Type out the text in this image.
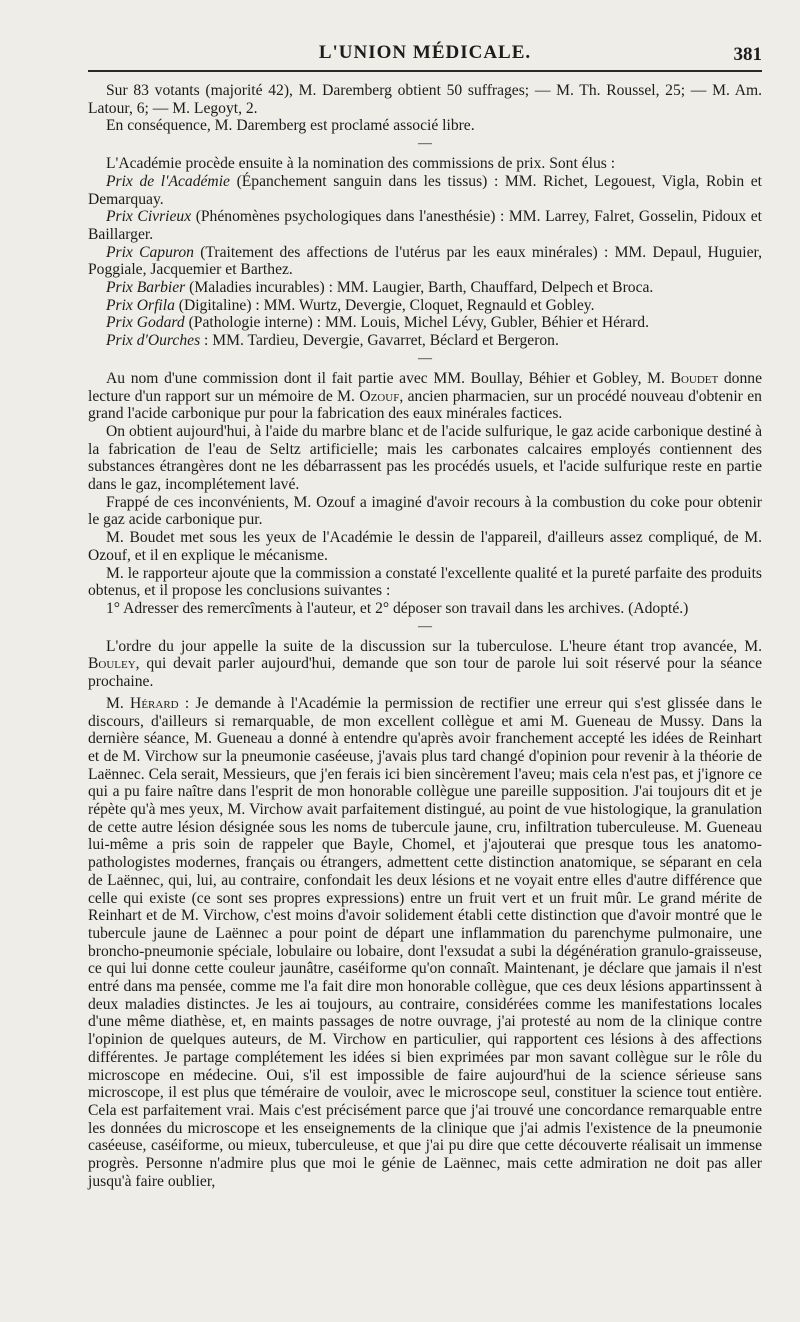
L'UNION MÉDICALE.	381

Sur 83 votants (majorité 42), M. Daremberg obtient 50 suffrages; — M. Th. Roussel, 25; — M. Am. Latour, 6; — M. Legoyt, 2.

En conséquence, M. Daremberg est proclamé associé libre.

—

L'Académie procède ensuite à la nomination des commissions de prix. Sont élus :

Prix de l'Académie (Épanchement sanguin dans les tissus) : MM. Richet, Legouest, Vigla, Robin et Demarquay.

Prix Civrieux (Phénomènes psychologiques dans l'anesthésie) : MM. Larrey, Falret, Gosselin, Pidoux et Baillarger.

Prix Capuron (Traitement des affections de l'utérus par les eaux minérales) : MM. Depaul, Huguier, Poggiale, Jacquemier et Barthez.

Prix Barbier (Maladies incurables) : MM. Laugier, Barth, Chauffard, Delpech et Broca.

Prix Orfila (Digitaline) : MM. Wurtz, Devergie, Cloquet, Regnauld et Gobley.

Prix Godard (Pathologie interne) : MM. Louis, Michel Lévy, Gubler, Béhier et Hérard.

Prix d'Ourches : MM. Tardieu, Devergie, Gavarret, Béclard et Bergeron.

—

Au nom d'une commission dont il fait partie avec MM. Boullay, Béhier et Gobley, M. Boudet donne lecture d'un rapport sur un mémoire de M. Ozouf, ancien pharmacien, sur un procédé nouveau d'obtenir en grand l'acide carbonique pur pour la fabrication des eaux minérales factices.

On obtient aujourd'hui, à l'aide du marbre blanc et de l'acide sulfurique, le gaz acide carbonique destiné à la fabrication de l'eau de Seltz artificielle; mais les carbonates calcaires employés contiennent des substances étrangères dont ne les débarrassent pas les procédés usuels, et l'acide sulfurique reste en partie dans le gaz, incomplétement lavé.

Frappé de ces inconvénients, M. Ozouf a imaginé d'avoir recours à la combustion du coke pour obtenir le gaz acide carbonique pur.

M. Boudet met sous les yeux de l'Académie le dessin de l'appareil, d'ailleurs assez compliqué, de M. Ozouf, et il en explique le mécanisme.

M. le rapporteur ajoute que la commission a constaté l'excellente qualité et la pureté parfaite des produits obtenus, et il propose les conclusions suivantes :

1° Adresser des remercîments à l'auteur, et 2° déposer son travail dans les archives. (Adopté.)

—

L'ordre du jour appelle la suite de la discussion sur la tuberculose. L'heure étant trop avancée, M. Bouley, qui devait parler aujourd'hui, demande que son tour de parole lui soit réservé pour la séance prochaine.

M. Hérard : Je demande à l'Académie la permission de rectifier une erreur qui s'est glissée dans le discours, d'ailleurs si remarquable, de mon excellent collègue et ami M. Gueneau de Mussy. Dans la dernière séance, M. Gueneau a donné à entendre qu'après avoir franchement accepté les idées de Reinhart et de M. Virchow sur la pneumonie caséeuse, j'avais plus tard changé d'opinion pour revenir à la théorie de Laënnec. Cela serait, Messieurs, que j'en ferais ici bien sincèrement l'aveu; mais cela n'est pas, et j'ignore ce qui a pu faire naître dans l'esprit de mon honorable collègue une pareille supposition. J'ai toujours dit et je répète qu'à mes yeux, M. Virchow avait parfaitement distingué, au point de vue histologique, la granulation de cette autre lésion désignée sous les noms de tubercule jaune, cru, infiltration tuberculeuse. M. Gueneau lui-même a pris soin de rappeler que Bayle, Chomel, et j'ajouterai que presque tous les anatomo-pathologistes modernes, français ou étrangers, admettent cette distinction anatomique, se séparant en cela de Laënnec, qui, lui, au contraire, confondait les deux lésions et ne voyait entre elles d'autre différence que celle qui existe (ce sont ses propres expressions) entre un fruit vert et un fruit mûr. Le grand mérite de Reinhart et de M. Virchow, c'est moins d'avoir solidement établi cette distinction que d'avoir montré que le tubercule jaune de Laënnec a pour point de départ une inflammation du parenchyme pulmonaire, une broncho-pneumonie spéciale, lobulaire ou lobaire, dont l'exsudat a subi la dégénération granulo-graisseuse, ce qui lui donne cette couleur jaunâtre, caséiforme qu'on connaît. Maintenant, je déclare que jamais il n'est entré dans ma pensée, comme me l'a fait dire mon honorable collègue, que ces deux lésions appartinssent à deux maladies distinctes. Je les ai toujours, au contraire, considérées comme les manifestations locales d'une même diathèse, et, en maints passages de notre ouvrage, j'ai protesté au nom de la clinique contre l'opinion de quelques auteurs, de M. Virchow en particulier, qui rapportent ces lésions à des affections différentes. Je partage complétement les idées si bien exprimées par mon savant collègue sur le rôle du microscope en médecine. Oui, s'il est impossible de faire aujourd'hui de la science sérieuse sans microscope, il est plus que téméraire de vouloir, avec le microscope seul, constituer la science tout entière. Cela est parfaitement vrai. Mais c'est précisément parce que j'ai trouvé une concordance remarquable entre les données du microscope et les enseignements de la clinique que j'ai admis l'existence de la pneumonie caséeuse, caséiforme, ou mieux, tuberculeuse, et que j'ai pu dire que cette découverte réalisait un immense progrès. Personne n'admire plus que moi le génie de Laënnec, mais cette admiration ne doit pas aller jusqu'à faire oublier,
